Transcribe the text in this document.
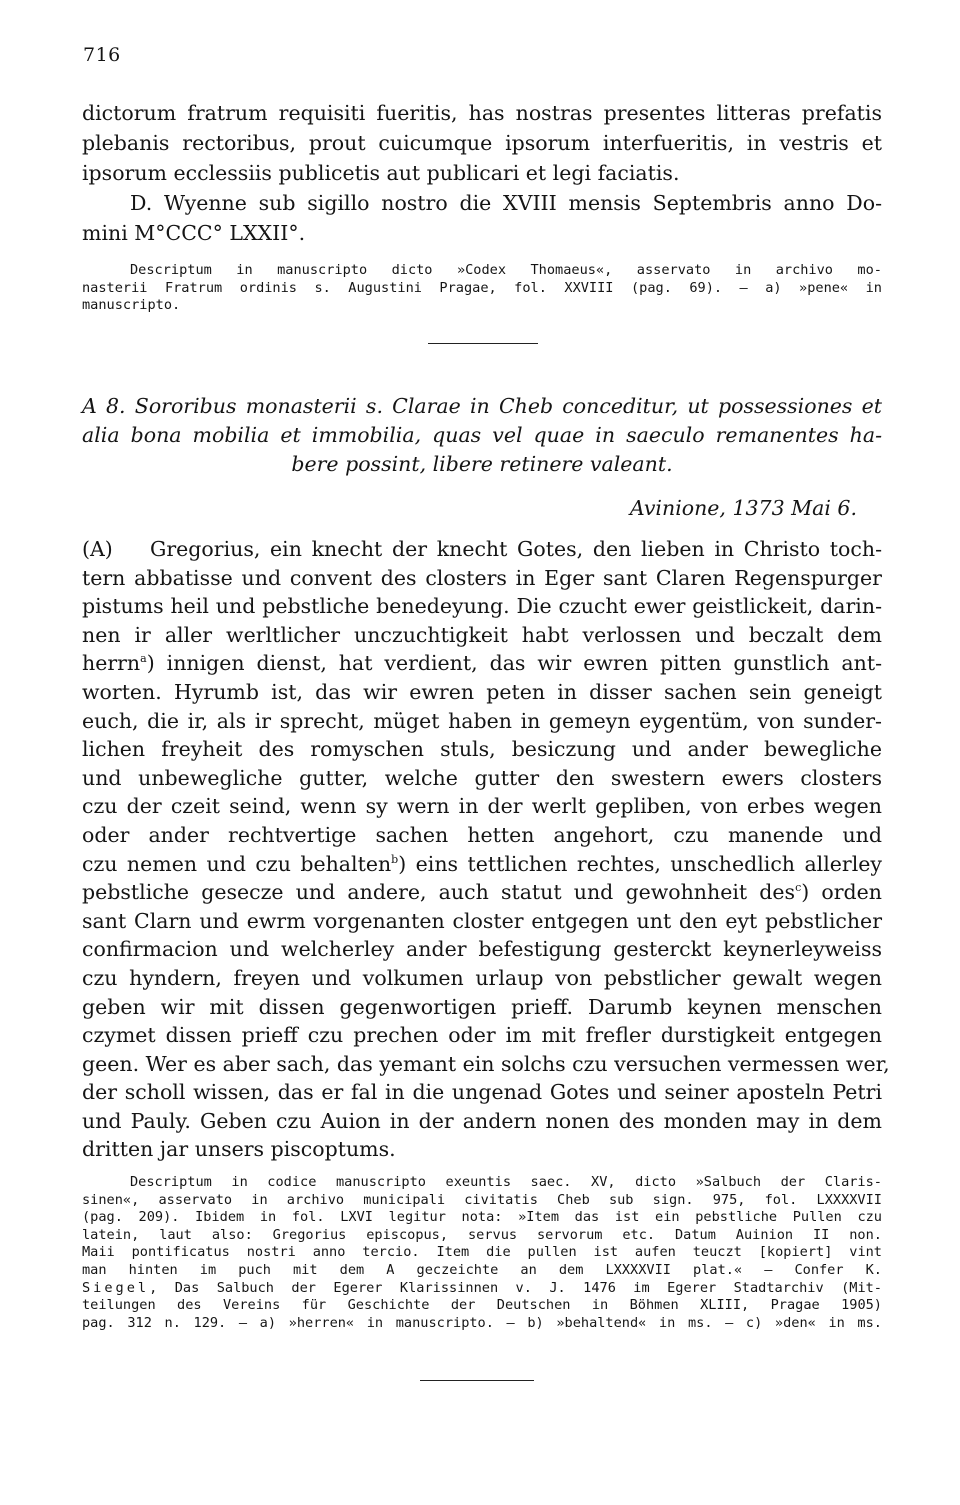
716
dictorum fratrum requisiti fueritis, has nostras presentes litteras prefatis
plebanis rectoribus, prout cuicumque ipsorum interfueritis, in vestris et
ipsorum ecclessiis publicetis aut publicari et legi faciatis.
D. Wyenne sub sigillo nostro die XVIII mensis Septembris anno Do-
mini M°CCC° LXXII°.
Descriptum in manuscripto dicto »Codex Thomaeus«, asservato in archivo mo-
nasterii Fratrum ordinis s. Augustini Pragae, fol. XXVIII (pag. 69). — a) »pene« in
manuscripto.
A 8. Sororibus monasterii s. Clarae in Cheb conceditur, ut possessiones et
alia bona mobilia et immobilia, quas vel quae in saeculo remanentes ha-
bere possint, libere retinere valeant.
Avinione, 1373 Mai 6.
(A) Gregorius, ein knecht der knecht Gotes, den lieben in Christo toch-
tern abbatisse und convent des closters in Eger sant Claren Regenspurger
pistums heil und pebstliche benedeyung. Die czucht ewer geistlickeit, darin-
nen ir aller werltlicher unczuchtigkeit habt verlossen und beczalt dem
herrn$^a$) innigen dienst, hat verdient, das wir ewren pitten gunstlich ant-
worten. Hyrumb ist, das wir ewren peten in disser sachen sein geneigt
euch, die ir, als ir sprecht, müget haben in gemeyn eygentüm, von sunder-
lichen freyheit des romyschen stuls, besiczung und ander bewegliche
und unbewegliche gutter, welche gutter den swestern ewers closters
czu der czeit seind, wenn sy wern in der werlt gepliben, von erbes wegen
oder ander rechtvertige sachen hetten angehort, czu manende und
czu nemen und czu behalten$^b$) eins tettlichen rechtes, unschedlich allerley
pebstliche gesecze und andere, auch statut und gewohnheit des$^c$) orden
sant Clarn und ewrm vorgenanten closter entgegen unt den eyt pebstlicher
confirmacion und welcherley ander befestigung gesterckt keynerleyweiss
czu hyndern, freyen und volkumen urlaup von pebstlicher gewalt wegen
geben wir mit dissen gegenwortigen prieff. Darumb keynen menschen
czymet dissen prieff czu prechen oder im mit frefler durstigkeit entgegen
geen. Wer es aber sach, das yemant ein solchs czu versuchen vermessen wer,
der scholl wissen, das er fal in die ungenad Gotes und seiner aposteln Petri
und Pauly. Geben czu Auion in der andern nonen des monden may in dem
dritten jar unsers piscoptums.
Descriptum in codice manuscripto exeuntis saec. XV, dicto »Salbuch der Claris-
sinen«, asservato in archivo municipali civitatis Cheb sub sign. 975, fol. LXXXXVII
(pag. 209). Ibidem in fol. LXVI legitur nota: »Item das ist ein pebstliche Pullen czu
latein, laut also: Gregorius episcopus, servus servorum etc. Datum Auinion II non.
Maii pontificatus nostri anno tercio. Item die pullen ist aufen teuczt [kopiert] vint
man hinten im puch mit dem A geczeichte an dem LXXXXVII plat.« — Confer K.
Siegel, Das Salbuch der Egerer Klarissinnen v. J. 1476 im Egerer Stadtarchiv (Mit-
teilungen des Vereins für Geschichte der Deutschen in Böhmen XLIII, Pragae 1905)
pag. 312 n. 129. — a) »herren« in manuscripto. — b) »behaltend« in ms. — c) »den« in ms.
